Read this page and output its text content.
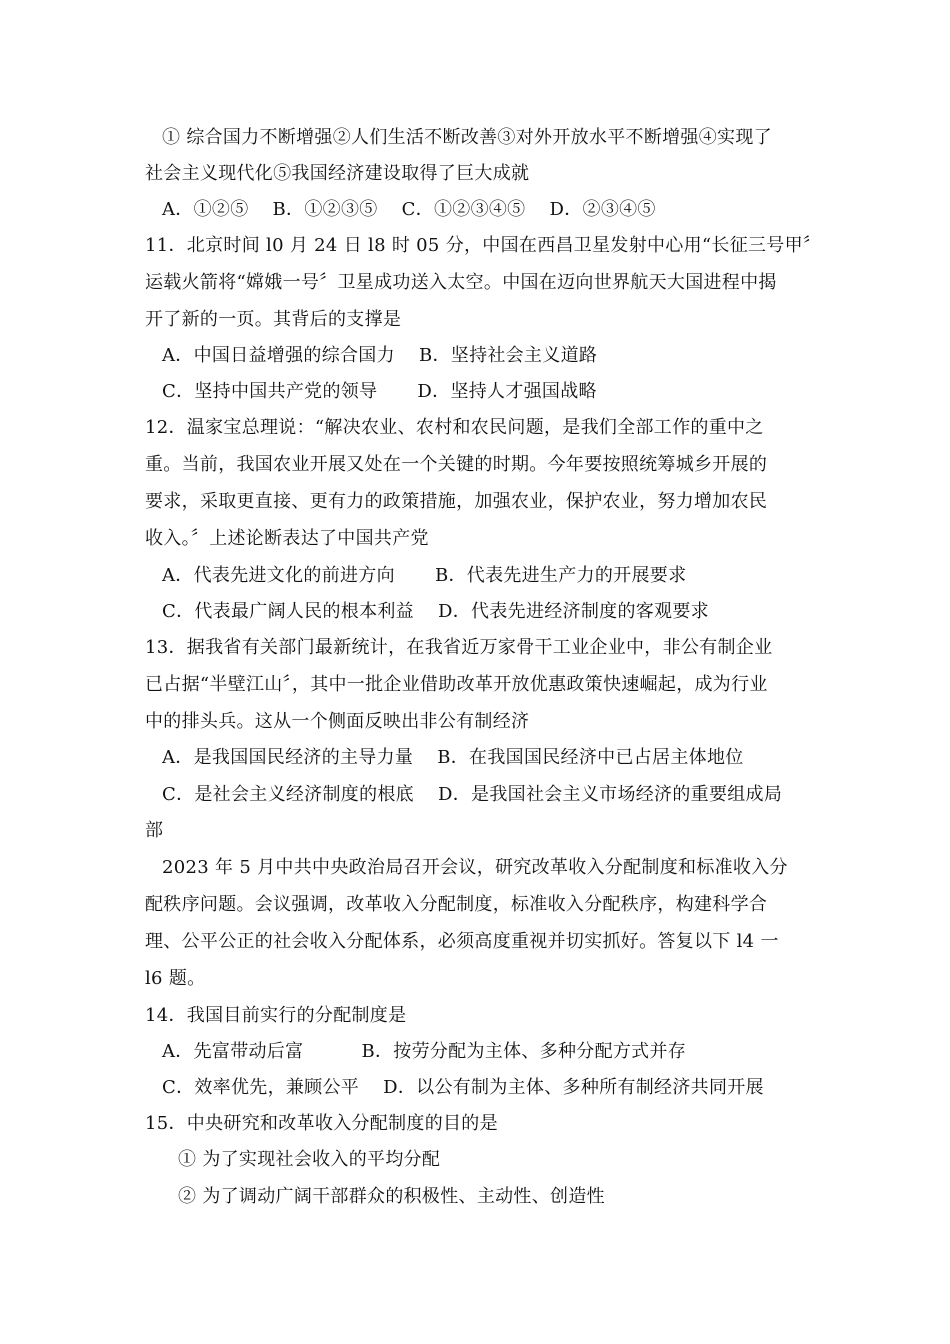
① 综合国力不断增强②人们生活不断改善③对外开放水平不断增强④实现了
社会主义现代化⑤我国经济建设取得了巨大成就
A．①②⑤ B．①②③⑤ C．①②③④⑤ D．②③④⑤
11．北京时间 l0 月 24 日 l8 时 05 分，中国在西昌卫星发射中心用“长征三号甲〞
运载火箭将“嫦娥一号〞卫星成功送入太空。中国在迈向世界航天大国进程中揭
开了新的一页。其背后的支撑是
A．中国日益增强的综合国力 B．坚持社会主义道路
C．坚持中国共产党的领导 D．坚持人才强国战略
12．温家宝总理说：“解决农业、农村和农民问题，是我们全部工作的重中之
重。当前，我国农业开展又处在一个关键的时期。今年要按照统筹城乡开展的
要求，采取更直接、更有力的政策措施，加强农业，保护农业，努力增加农民
收入。〞上述论断表达了中国共产党
A．代表先进文化的前进方向 B．代表先进生产力的开展要求
C．代表最广阔人民的根本利益 D．代表先进经济制度的客观要求
13．据我省有关部门最新统计，在我省近万家骨干工业企业中，非公有制企业
已占据“半壁江山〞，其中一批企业借助改革开放优惠政策快速崛起，成为行业
中的排头兵。这从一个侧面反映出非公有制经济
A．是我国国民经济的主导力量 B．在我国国民经济中已占居主体地位
C．是社会主义经济制度的根底 D．是我国社会主义市场经济的重要组成局
部
2023 年 5 月中共中央政治局召开会议，研究改革收入分配制度和标准收入分
配秩序问题。会议强调，改革收入分配制度，标准收入分配秩序，构建科学合
理、公平公正的社会收入分配体系，必须高度重视并切实抓好。答复以下 l4 一
l6 题。
14．我国目前实行的分配制度是
A．先富带动后富	B．按劳分配为主体、多种分配方式并存
C．效率优先，兼顾公平 D．以公有制为主体、多种所有制经济共同开展
15．中央研究和改革收入分配制度的目的是
① 为了实现社会收入的平均分配
② 为了调动广阔干部群众的积极性、主动性、创造性
